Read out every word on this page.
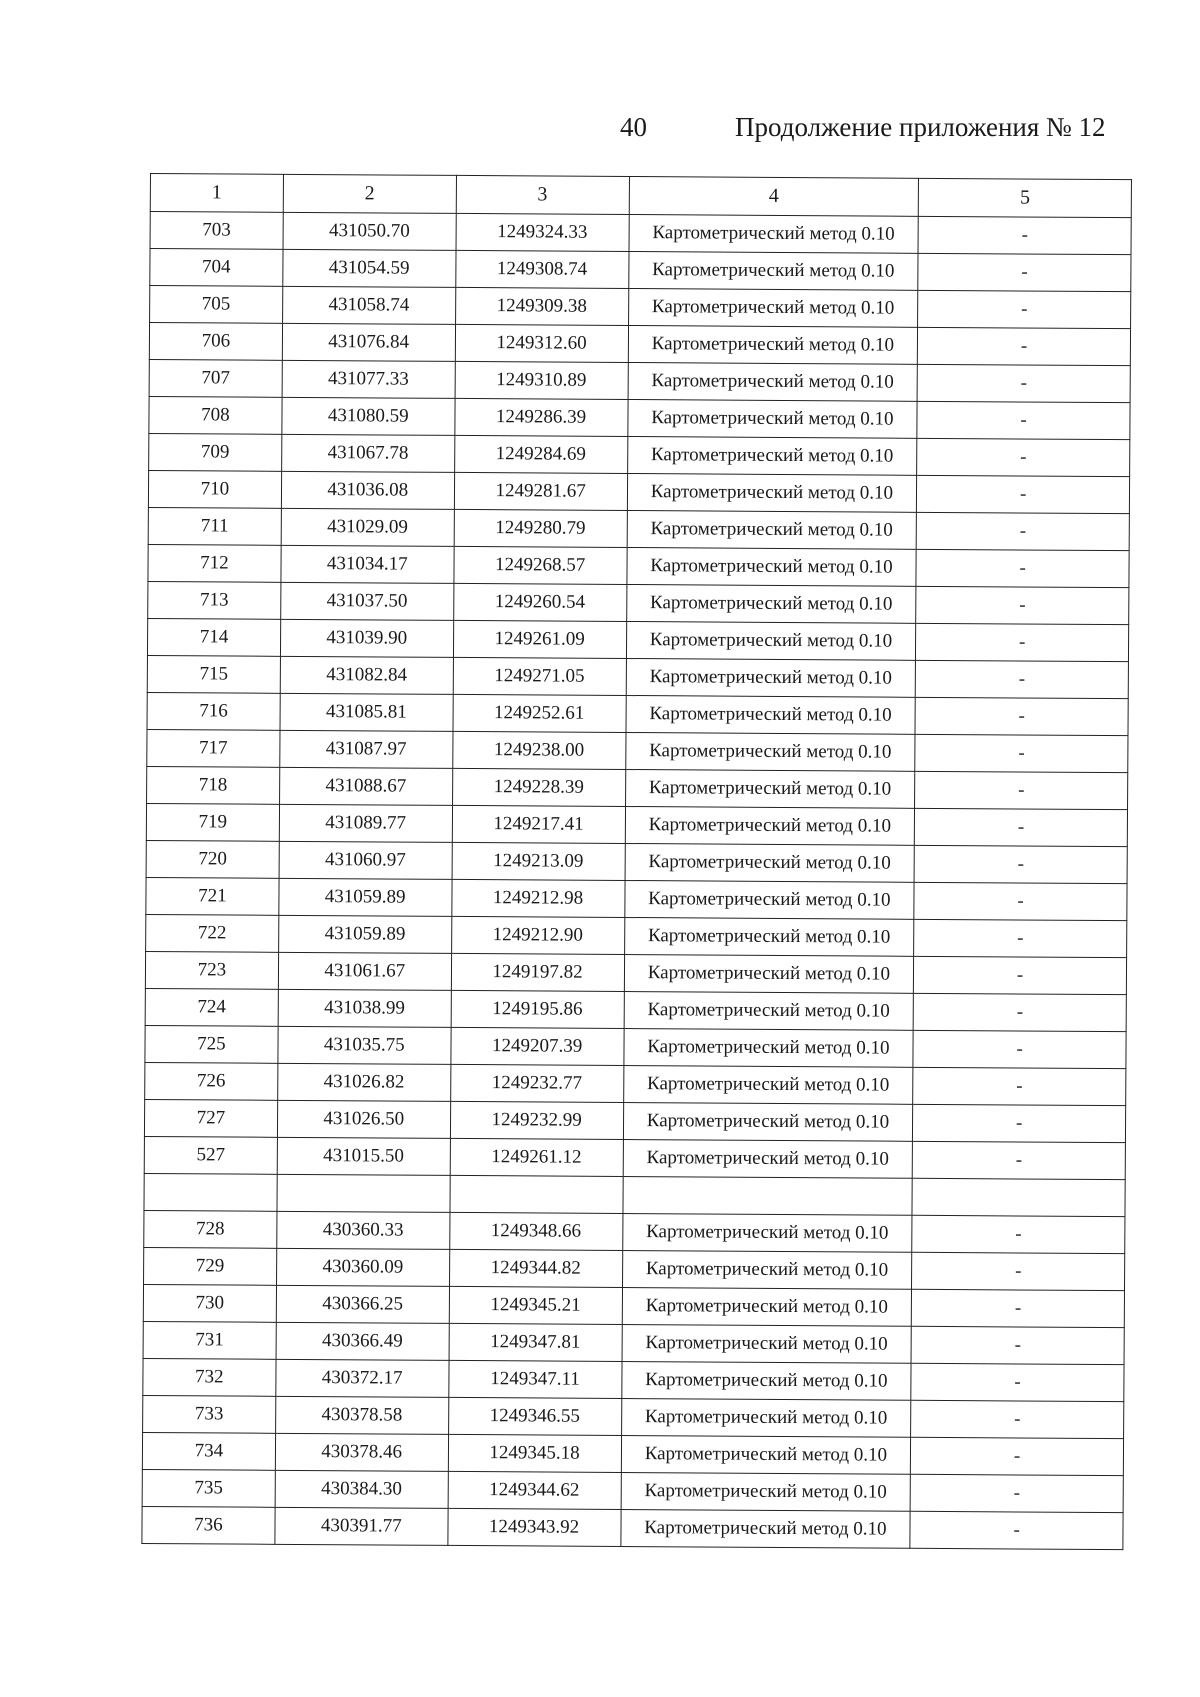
40	Продолжение приложения № 12
1	2	3	4	5
703	431050.70	1249324.33	Картометрический метод 0.10	-
704	431054.59	1249308.74	Картометрический метод 0.10	-
705	431058.74	1249309.38	Картометрический метод 0.10	-
706	431076.84	1249312.60	Картометрический метод 0.10	-
707	431077.33	1249310.89	Картометрический метод 0.10	-
708	431080.59	1249286.39	Картометрический метод 0.10	-
709	431067.78	1249284.69	Картометрический метод 0.10	-
710	431036.08	1249281.67	Картометрический метод 0.10	-
711	431029.09	1249280.79	Картометрический метод 0.10	-
712	431034.17	1249268.57	Картометрический метод 0.10	-
713	431037.50	1249260.54	Картометрический метод 0.10	-
714	431039.90	1249261.09	Картометрический метод 0.10	-
715	431082.84	1249271.05	Картометрический метод 0.10	-
716	431085.81	1249252.61	Картометрический метод 0.10	-
717	431087.97	1249238.00	Картометрический метод 0.10	-
718	431088.67	1249228.39	Картометрический метод 0.10	-
719	431089.77	1249217.41	Картометрический метод 0.10	-
720	431060.97	1249213.09	Картометрический метод 0.10	-
721	431059.89	1249212.98	Картометрический метод 0.10	-
722	431059.89	1249212.90	Картометрический метод 0.10	-
723	431061.67	1249197.82	Картометрический метод 0.10	-
724	431038.99	1249195.86	Картометрический метод 0.10	-
725	431035.75	1249207.39	Картометрический метод 0.10	-
726	431026.82	1249232.77	Картометрический метод 0.10	-
727	431026.50	1249232.99	Картометрический метод 0.10	-
527	431015.50	1249261.12	Картометрический метод 0.10	-

728	430360.33	1249348.66	Картометрический метод 0.10	-
729	430360.09	1249344.82	Картометрический метод 0.10	-
730	430366.25	1249345.21	Картометрический метод 0.10	-
731	430366.49	1249347.81	Картометрический метод 0.10	-
732	430372.17	1249347.11	Картометрический метод 0.10	-
733	430378.58	1249346.55	Картометрический метод 0.10	-
734	430378.46	1249345.18	Картометрический метод 0.10	-
735	430384.30	1249344.62	Картометрический метод 0.10	-
736	430391.77	1249343.92	Картометрический метод 0.10	-
